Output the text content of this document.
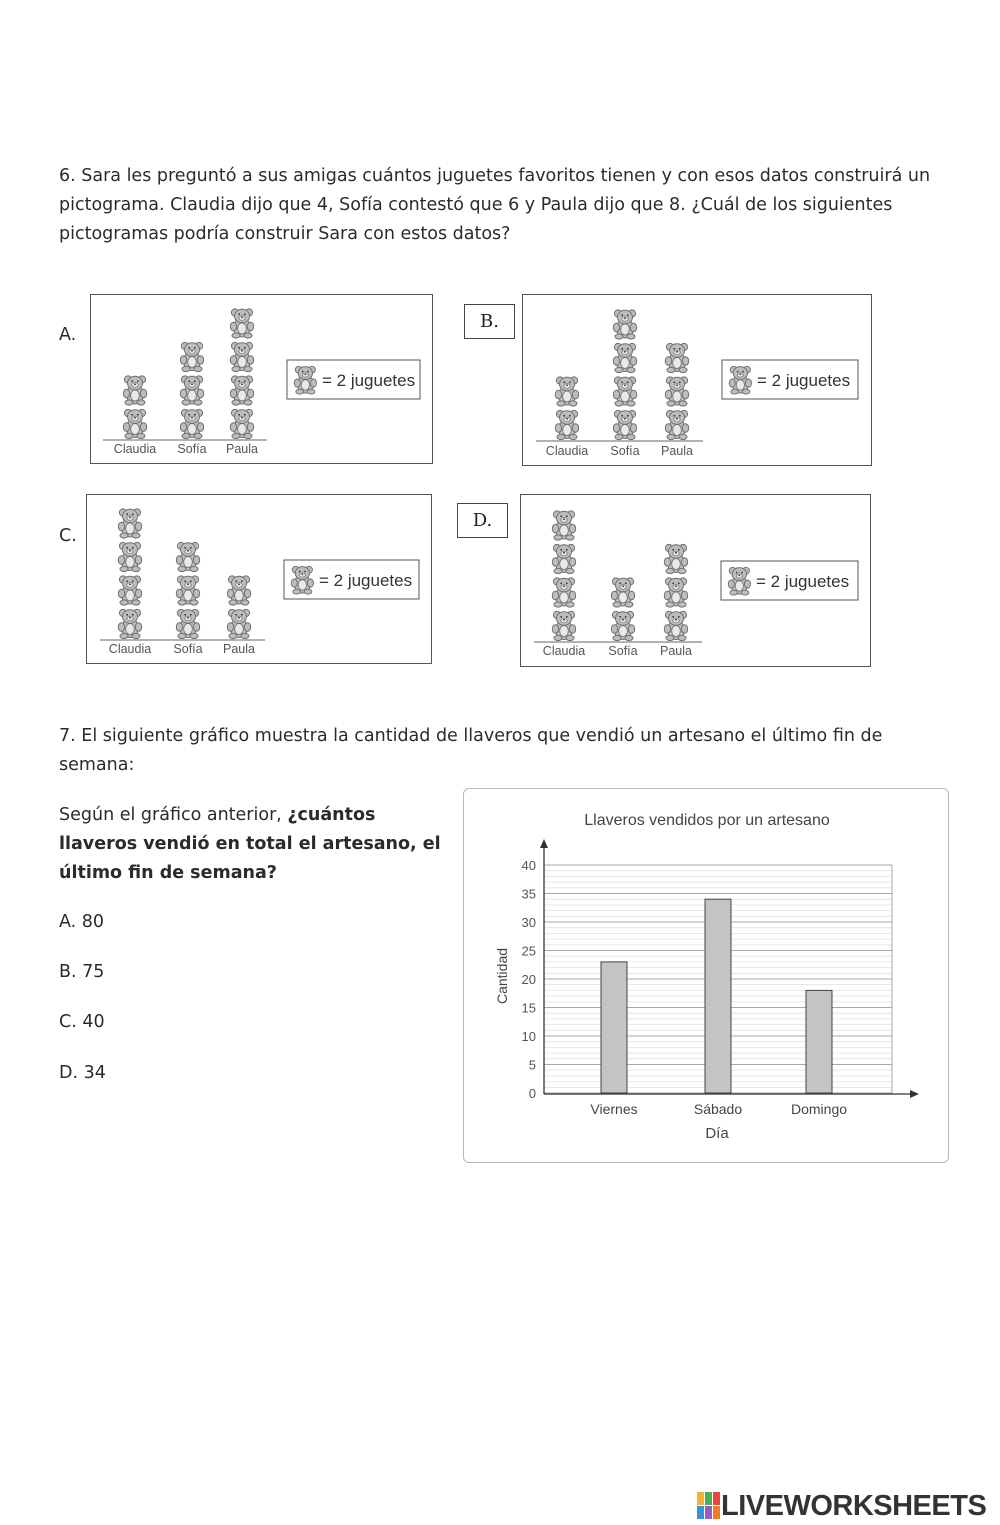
6. Sara les preguntó a sus amigas cuántos juguetes favoritos tienen y con esos datos construirá un pictograma. Claudia dijo que 4, Sofía contestó que 6 y Paula dijo que 8. ¿Cuál de los siguientes pictogramas podría construir Sara con estos datos?
A.
Claudia Sofía Paula
= 2 juguetes
B.
Claudia Sofía Paula
= 2 juguetes
C.
Claudia Sofía Paula
= 2 juguetes
D.
Claudia Sofía Paula
= 2 juguetes
7. El siguiente gráfico muestra la cantidad de llaveros que vendió un artesano el último fin de semana:
Según el gráfico anterior, ¿cuántos llaveros vendió en total el artesano, el último fin de semana?
A. 80
B. 75
C. 40
D. 34
Llaveros vendidos por un artesano
0
5
10
15
20
25
30
35
40
Viernes	Sábado	Domingo
Día
Cantidad
LIVEWORKSHEETS
